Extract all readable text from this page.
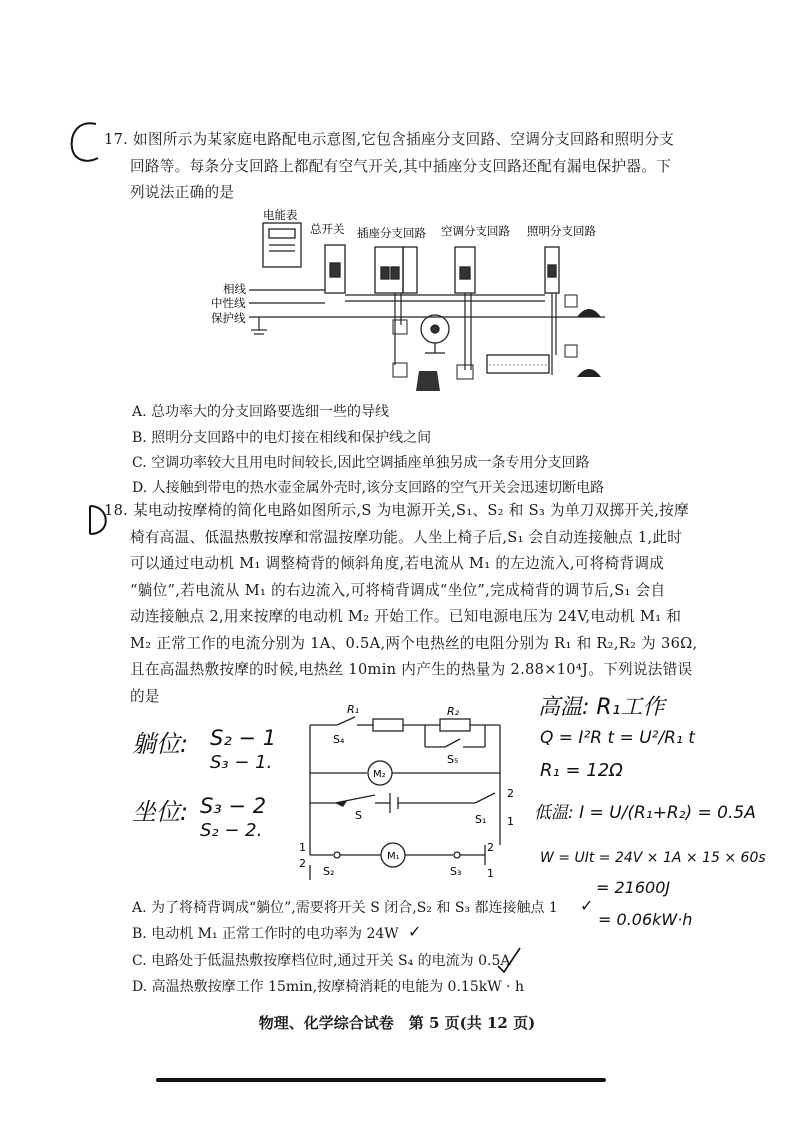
17. 如图所示为某家庭电路配电示意图,它包含插座分支回路、空调分支回路和照明分支
回路等。每条分支回路上都配有空气开关,其中插座分支回路还配有漏电保护器。下
列说法正确的是
电能表
总开关 插座分支回路 空调分支回路 照明分支回路
相线
中性线
保护线
A. 总功率大的分支回路要选细一些的导线
B. 照明分支回路中的电灯接在相线和保护线之间
C. 空调功率较大且用电时间较长,因此空调插座单独另成一条专用分支回路
D. 人接触到带电的热水壶金属外壳时,该分支回路的空气开关会迅速切断电路
18. 某电动按摩椅的简化电路如图所示,S 为电源开关,S₁、S₂ 和 S₃ 为单刀双掷开关,按摩
椅有高温、低温热敷按摩和常温按摩功能。人坐上椅子后,S₁ 会自动连接触点 1,此时
可以通过电动机 M₁ 调整椅背的倾斜角度,若电流从 M₁ 的左边流入,可将椅背调成
“躺位”,若电流从 M₁ 的右边流入,可将椅背调成“坐位”,完成椅背的调节后,S₁ 会自
动连接触点 2,用来按摩的电动机 M₂ 开始工作。已知电源电压为 24V,电动机 M₁ 和
M₂ 正常工作的电流分别为 1A、0.5A,两个电热丝的电阻分别为 R₁ 和 R₂,R₂ 为 36Ω,
且在高温热敷按摩的时候,电热丝 10min 内产生的热量为 2.88×10⁴J。下列说法错误
的是
R₁	R₂
S₄
S₅
M₂
S	S₁
M₁
S₂	S₃
2
1
1
2
2
1
躺位: S₂ − 1
S₃ − 1.
坐位: S₃ − 2
S₂ − 2.
高温: R₁工作
Q = I²R t = U²/R₁ t
R₁ = 12Ω
低温: I = U/(R₁+R₂) = 0.5A
W = UIt = 24V × 1A × 15 × 60s
= 21600J
= 0.06kW·h
A. 为了将椅背调成“躺位”,需要将开关 S 闭合,S₂ 和 S₃ 都连接触点 1
B. 电动机 M₁ 正常工作时的电功率为 24W
C. 电路处于低温热敷按摩档位时,通过开关 S₄ 的电流为 0.5A
D. 高温热敷按摩工作 15min,按摩椅消耗的电能为 0.15kW · h
✓
✓
物理、化学综合试卷　第 5 页(共 12 页)
